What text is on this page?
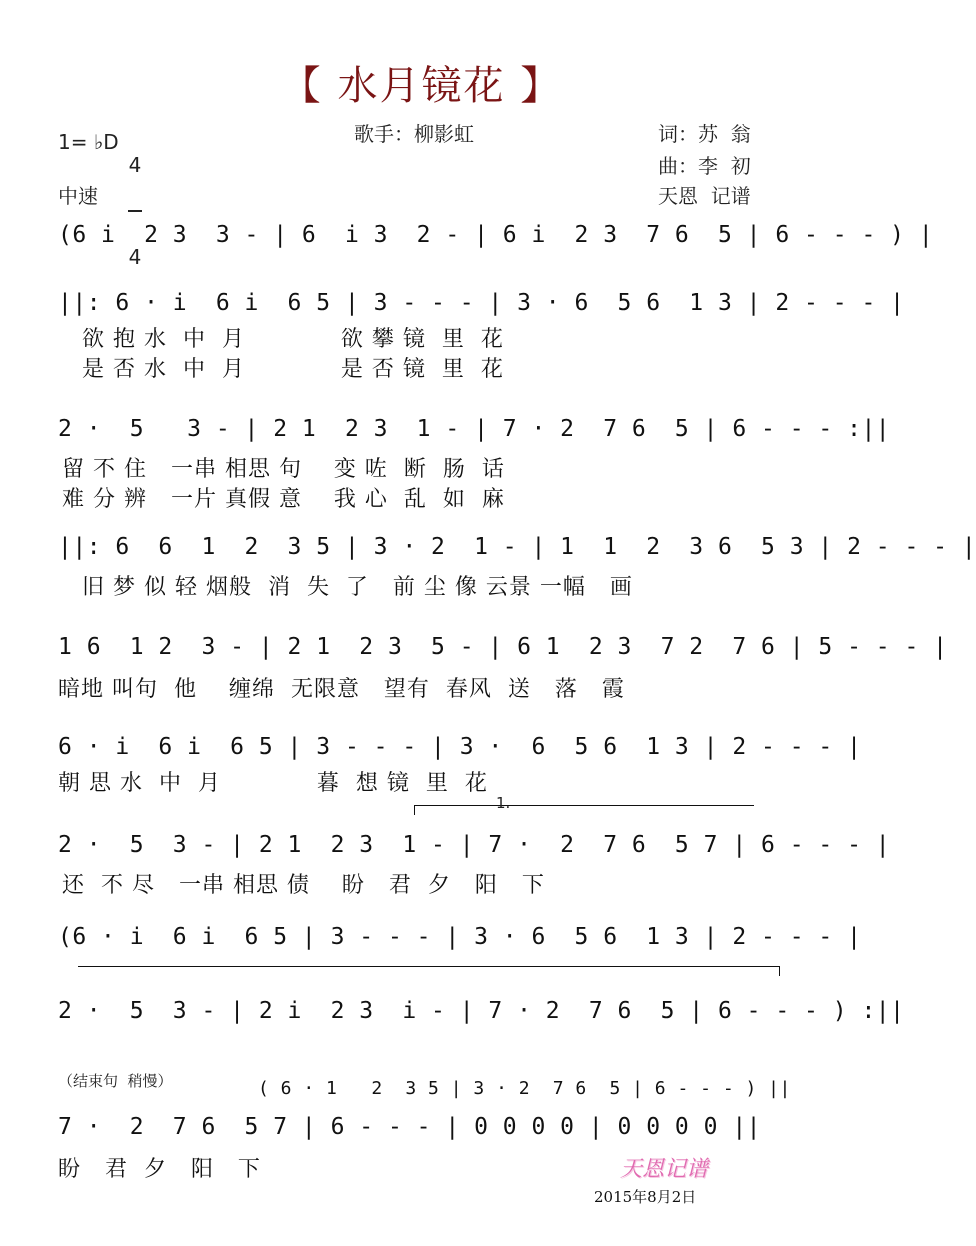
【 水月镜花 】
1= ♭D

4

4

中速
歌手：柳影虹	词：苏  翁
曲：李  初
天恩  记谱
(6 i  2 3  3 - | 6  i 3  2 - | 6 i  2 3  7 6  5 | 6 - - - ) |
||: 6 · i  6 i  6 5 | 3 - - - | 3 · 6  5 6  1 3 | 2 - - - |
欲 抱 水  中  月            欲 攀 镜  里  花
是 否 水  中  月            是 否 镜  里  花
2 ·  5   3 - | 2 1  2 3  1 - | 7 · 2  7 6  5 | 6 - - - :||
留 不 住   一串 相思 句    变 咗  断  肠  话
难 分 辨   一片 真假 意    我 心  乱  如  麻
||: 6  6  1  2  3 5 | 3 · 2  1 - | 1  1  2  3 6  5 3 | 2 - - - |
旧 梦 似 轻 烟般  消  失  了   前 尘 像 云景 一幅   画
1 6  1 2  3 - | 2 1  2 3  5 - | 6 1  2 3  7 2  7 6 | 5 - - - |
暗地 叫句  他    缠绵  无限意   望有  春风  送   落   霞
6 · i  6 i  6 5 | 3 - - - | 3 ·  6  5 6  1 3 | 2 - - - |
朝 思 水  中  月            暮  想 镜  里  花
1.
2 ·  5  3 - | 2 1  2 3  1 - | 7 ·  2  7 6  5 7 | 6 - - - |
还  不 尽   一串 相思 债    盼   君  夕   阳   下
(6 · i  6 i  6 5 | 3 - - - | 3 · 6  5 6  1 3 | 2 - - - |
2 ·  5  3 - | 2 i  2 3  i - | 7 · 2  7 6  5 | 6 - - - ) :||
（结束句  稍慢）	( 6 · 1   2  3 5 | 3 · 2  7 6  5 | 6 - - - ) ||
7 ·  2  7 6  5 7 | 6 - - - | 0 0 0 0 | 0 0 0 0 ||
盼   君  夕   阳   下	天恩记谱
2015年8月2日
